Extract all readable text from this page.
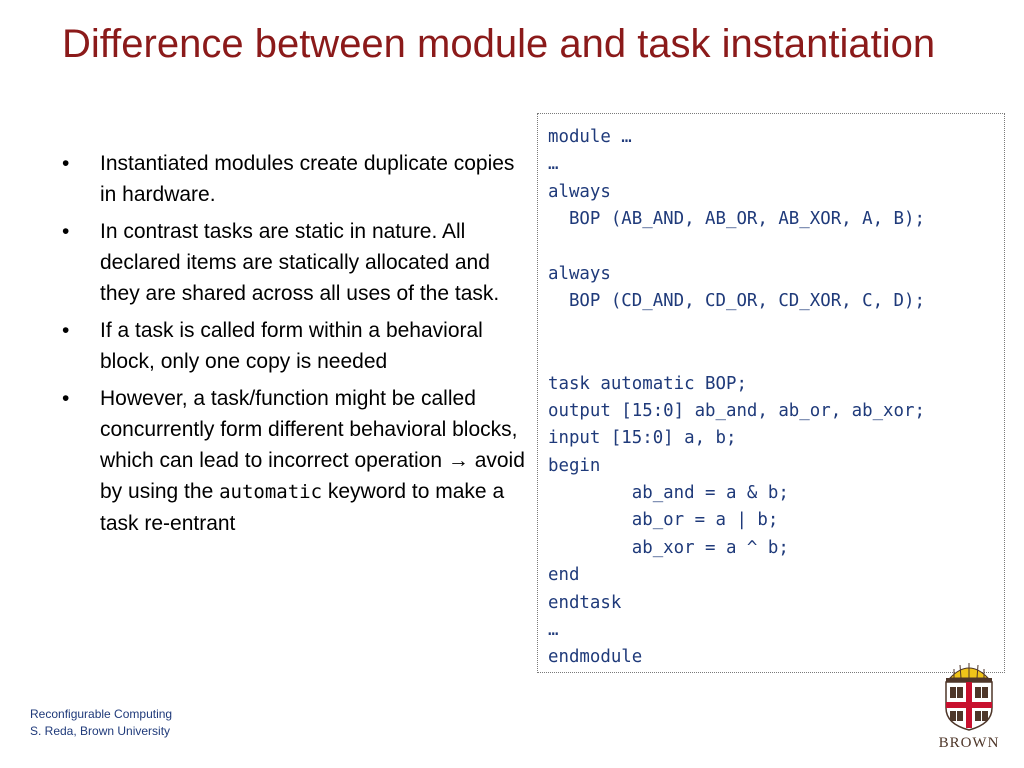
Difference between module and task instantiation
• Instantiated modules create duplicate copies in hardware.
• In contrast tasks are static in nature. All declared items are statically allocated and they are shared across all uses of the task.
• If a task is called form within a behavioral block, only one copy is needed
• However, a task/function might be called concurrently form different behavioral blocks, which can lead to incorrect operation → avoid by using the automatic keyword to make a task re-entrant
module …
…
always
BOP (AB_AND, AB_OR, AB_XOR, A, B);
always
BOP (CD_AND, CD_OR, CD_XOR, C, D);
task automatic BOP;
output [15:0] ab_and, ab_or, ab_xor;
input [15:0] a, b;
begin
ab_and = a & b;
ab_or = a | b;
ab_xor = a ^ b;
end
endtask
…
endmodule
Reconfigurable Computing
S. Reda, Brown University
BROWN
